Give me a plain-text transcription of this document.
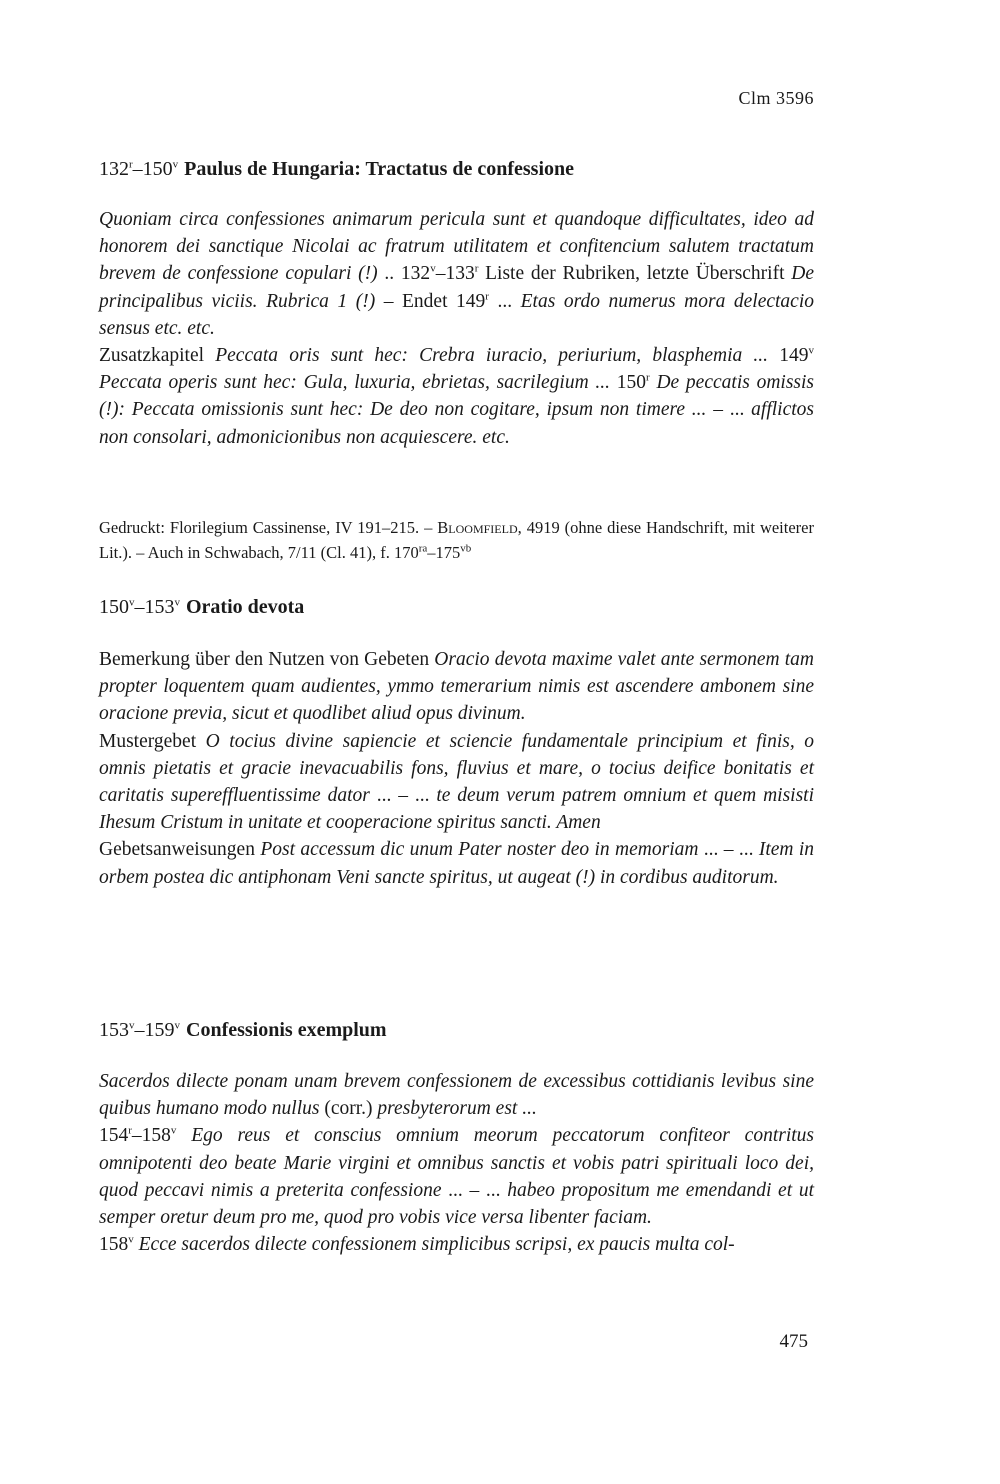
Clm 3596
132$^r$–150$^v$ Paulus de Hungaria: Tractatus de confessione

Quoniam circa confessiones animarum pericula sunt et quandoque difficultates, ideo ad honorem dei sanctique Nicolai ac fratrum utilitatem et confitencium salutem tractatum brevem de confessione copulari (!) .. 132$^v$–133$^r$ Liste der Rubriken, letzte Überschrift De principalibus viciis. Rubrica 1 (!) – Endet 149$^r$ ... Etas ordo numerus mora delectacio sensus etc. etc.

Zusatzkapitel Peccata oris sunt hec: Crebra iuracio, periurium, blasphemia ... 149$^v$ Peccata operis sunt hec: Gula, luxuria, ebrietas, sacrilegium ... 150$^r$ De peccatis omissis (!): Peccata omissionis sunt hec: De deo non cogitare, ipsum non timere ... – ... afflictos non consolari, admonicionibus non acquiescere. etc.

Gedruckt: Florilegium Cassinense, IV 191–215. – Bloomfield, 4919 (ohne diese Handschrift, mit weiterer Lit.). – Auch in Schwabach, 7/11 (Cl. 41), f. $170^{ra}-175^{vb}$
150$^v$–153$^v$ Oratio devota

Bemerkung über den Nutzen von Gebeten Oracio devota maxime valet ante sermonem tam propter loquentem quam audientes, ymmo temerarium nimis est ascendere ambonem sine oracione previa, sicut et quodlibet aliud opus divinum.

Mustergebet O tocius divine sapiencie et sciencie fundamentale principium et finis, o omnis pietatis et gracie inevacuabilis fons, fluvius et mare, o tocius deifice bonitatis et caritatis supereffluentissime dator ... – ... te deum verum patrem omnium et quem misisti Ihesum Cristum in unitate et cooperacione spiritus sancti. Amen

Gebetsanweisungen Post accessum dic unum Pater noster deo in memoriam ... – ... Item in orbem postea dic antiphonam Veni sancte spiritus, ut augeat (!) in cordibus auditorum.

153$^v$–159$^v$ Confessionis exemplum

Sacerdos dilecte ponam unam brevem confessionem de excessibus cottidianis levibus sine quibus humano modo nullus (corr.) presbyterorum est ...

154$^r$–158$^v$ Ego reus et conscius omnium meorum peccatorum confiteor contritus omnipotenti deo beate Marie virgini et omnibus sanctis et vobis patri spirituali loco dei, quod peccavi nimis a preterita confessione ... – ... habeo propositum me emendandi et ut semper oretur deum pro me, quod pro vobis vice versa libenter faciam.

158$^v$ Ecce sacerdos dilecte confessionem simplicibus scripsi, ex paucis multa col-

475
